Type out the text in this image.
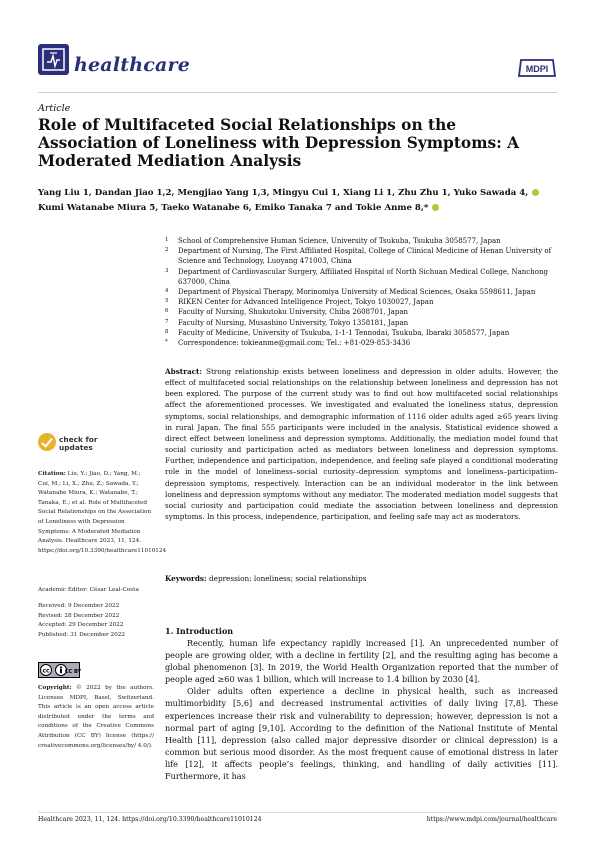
healthcare	MDPI
Article
Role of Multifaceted Social Relationships on the Association of Loneliness with Depression Symptoms: A Moderated Mediation Analysis
Yang Liu 1, Dandan Jiao 1,2, Mengjiao Yang 1,3, Mingyu Cui 1, Xiang Li 1, Zhu Zhu 1, Yuko Sawada 4,
Kumi Watanabe Miura 5, Taeko Watanabe 6, Emiko Tanaka 7 and Tokie Anme 8,*
1 School of Comprehensive Human Science, University of Tsukuba, Tsukuba 3058577, Japan
2 Department of Nursing, The First Affiliated Hospital, College of Clinical Medicine of Henan University of Science and Technology, Luoyang 471003, China
3 Department of Cardiovascular Surgery, Affiliated Hospital of North Sichuan Medical College, Nanchong 637000, China
4 Department of Physical Therapy, Morinomiya University of Medical Sciences, Osaka 5598611, Japan
5 RIKEN Center for Advanced Intelligence Project, Tokyo 1030027, Japan
6 Faculty of Nursing, Shukutoku University, Chiba 2608701, Japan
7 Faculty of Nursing, Musashino University, Tokyo 1358181, Japan
8 Faculty of Medicine, University of Tsukuba, 1-1-1 Tennodai, Tsukuba, Ibaraki 3058577, Japan
* Correspondence: tokieanme@gmail.com; Tel.: +81-029-853-3436
Abstract: Strong relationship exists between loneliness and depression in older adults. However, the effect of multifaceted social relationships on the relationship between loneliness and depression has not been explored. The purpose of the current study was to find out how multifaceted social relationships affect the aforementioned processes. We investigated and evaluated the loneliness status, depression symptoms, social relationships, and demographic information of 1116 older adults aged ≥65 years living in rural Japan. The final 555 participants were included in the analysis. Statistical evidence showed a direct effect between loneliness and depression symptoms. Additionally, the mediation model found that social curiosity and participation acted as mediators between loneliness and depression symptoms. Further, independence and participation, independence, and feeling safe played a conditional moderating role in the model of loneliness–social curiosity–depression symptoms and loneliness–participation–depression symptoms, respectively. Interaction can be an individual moderator in the link between loneliness and depression symptoms without any mediator. The moderated mediation model suggests that social curiosity and participation could mediate the association between loneliness and depression symptoms. In this process, independence, participation, and feeling safe may act as moderators.
Keywords: depression; loneliness; social relationships
1. Introduction

Recently, human life expectancy rapidly increased [1]. An unprecedented number of people are growing older, with a decline in fertility [2], and the resulting aging has become a global phenomenon [3]. In 2019, the World Health Organization reported that the number of people aged ≥60 was 1 billion, which will increase to 1.4 billion by 2030 [4].

Older adults often experience a decline in physical health, such as increased multimorbidity [5,6] and decreased instrumental activities of daily living [7,8]. These experiences increase their risk and vulnerability to depression; however, depression is not a normal part of aging [9,10]. According to the definition of the National Institute of Mental Health [11], depression (also called major depressive disorder or clinical depression) is a common but serious mood disorder. As the most frequent cause of emotional distress in later life [12], it affects people’s feelings, thinking, and handling of daily activities [11]. Furthermore, it has

check for
updates
Citation: Liu, Y.; Jiao, D.; Yang, M.; Cui, M.; Li, X.; Zhu, Z.; Sawada, Y.; Watanabe Miura, K.; Watanabe, T.; Tanaka, E.; et al. Role of Multifaceted Social Relationships on the Association of Loneliness with Depression Symptoms: A Moderated Mediation Analysis. Healthcare 2023, 11, 124. https://doi.org/10.3390/healthcare11010124
Academic Editor: César Leal-Costa
Received: 9 December 2022
Revised: 28 December 2022
Accepted: 29 December 2022
Published: 31 December 2022
cc	CC BY
Copyright: © 2022 by the authors. Licensee MDPI, Basel, Switzerland. This article is an open access article distributed under the terms and conditions of the Creative Commons Attribution (CC BY) license (https:// creativecommons.org/licenses/by/ 4.0/).
Healthcare 2023, 11, 124. https://doi.org/10.3390/healthcare11010124	https://www.mdpi.com/journal/healthcare
